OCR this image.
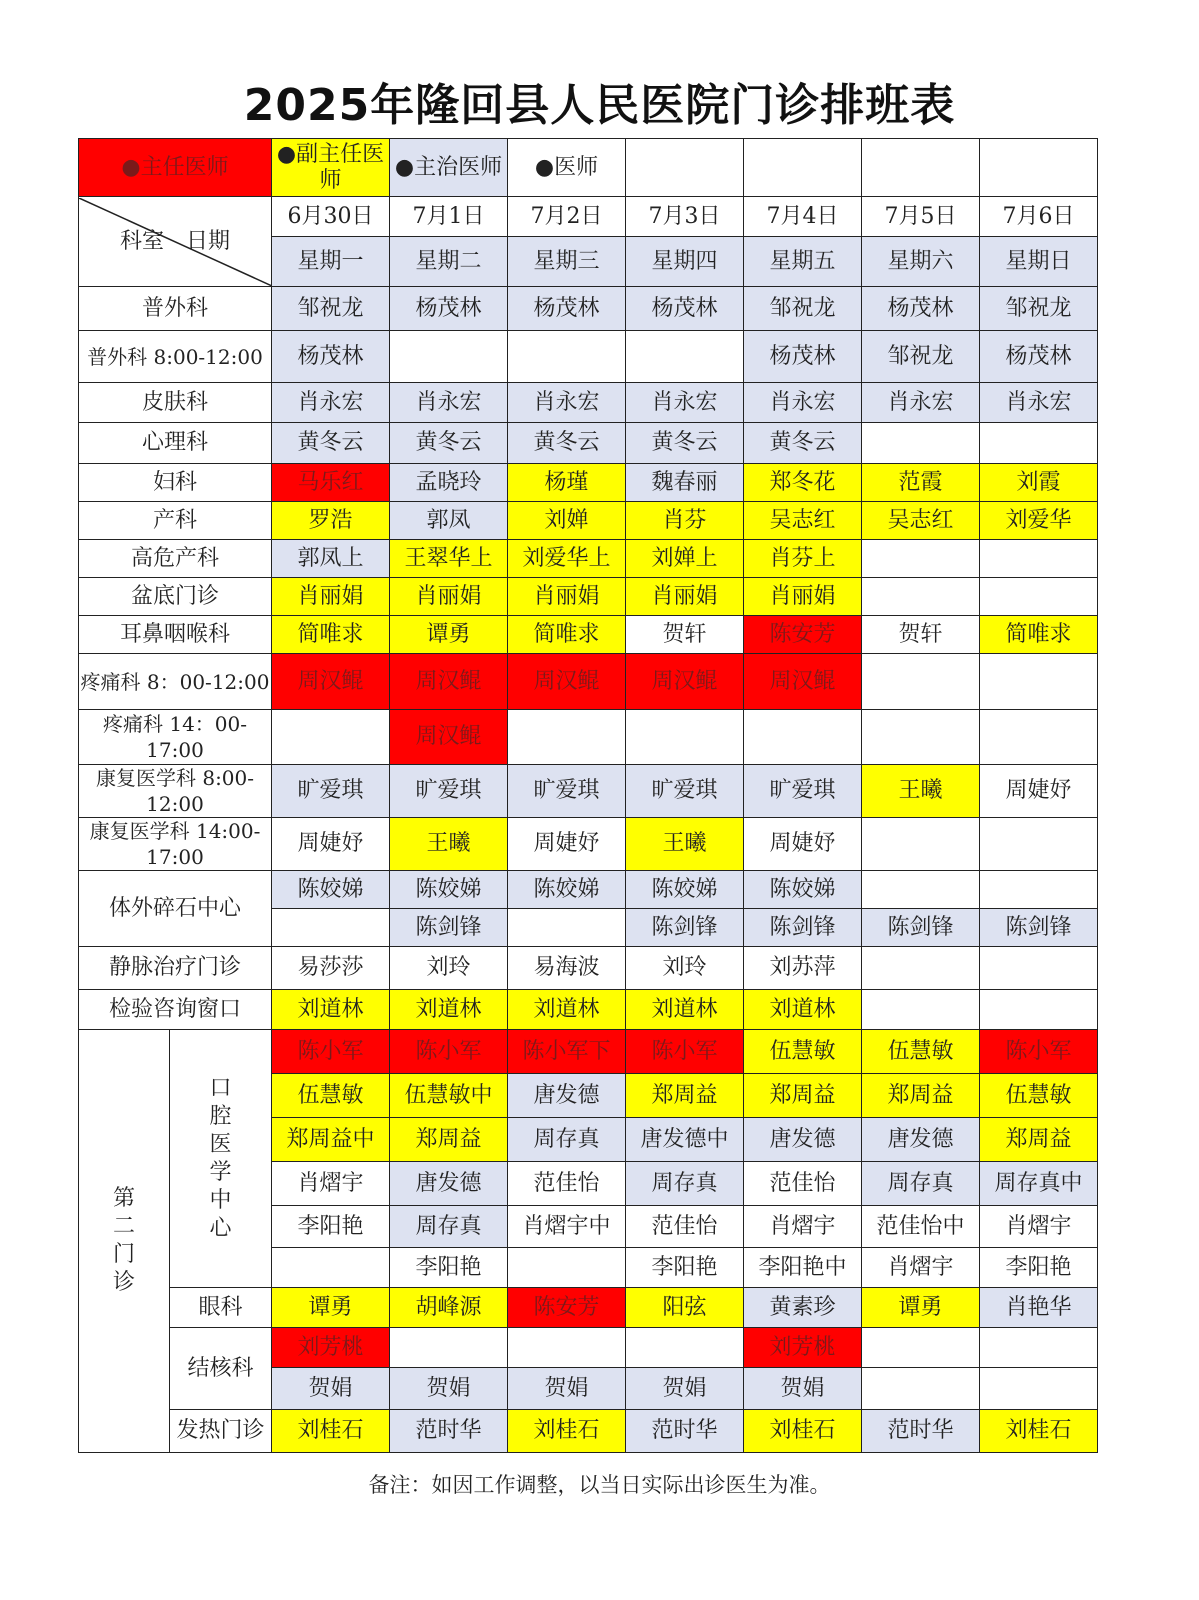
2025年隆回县人民医院门诊排班表
●主任医师		●副主任医师	●主治医师	●医师				

科室　 日期		6月30日	7月1日	7月2日	7月3日	7月4日	7月5日	7月6日
		星期一	星期二	星期三	星期四	星期五	星期六	星期日
普外科		邹祝龙	杨茂林	杨茂林	杨茂林	邹祝龙	杨茂林	邹祝龙
普外科 8:00-12:00		杨茂林				杨茂林	邹祝龙	杨茂林
皮肤科		肖永宏	肖永宏	肖永宏	肖永宏	肖永宏	肖永宏	肖永宏
心理科		黄冬云	黄冬云	黄冬云	黄冬云	黄冬云		
妇科		马乐红	孟晓玲	杨瑾	魏春丽	郑冬花	范霞	刘霞
产科		罗浩	郭凤	刘婵	肖芬	吴志红	吴志红	刘爱华
高危产科		郭凤上	王翠华上	刘爱华上	刘婵上	肖芬上		
盆底门诊		肖丽娟	肖丽娟	肖丽娟	肖丽娟	肖丽娟		
耳鼻咽喉科		简唯求	谭勇	简唯求	贺轩	陈安芳	贺轩	简唯求
疼痛科 8：00-12:00		周汉鲲	周汉鲲	周汉鲲	周汉鲲	周汉鲲		
疼痛科 14：00-17:00			周汉鲲					
康复医学科 8:00-12:00		旷爱琪	旷爱琪	旷爱琪	旷爱琪	旷爱琪	王曦	周婕妤
康复医学科 14:00-17:00		周婕妤	王曦	周婕妤	王曦	周婕妤		
体外碎石中心		陈姣娣	陈姣娣	陈姣娣	陈姣娣	陈姣娣		
			陈剑锋		陈剑锋	陈剑锋	陈剑锋	陈剑锋
静脉治疗门诊		易莎莎	刘玲	易海波	刘玲	刘苏萍		
检验咨询窗口		刘道林	刘道林	刘道林	刘道林	刘道林		
第二门诊	口腔医学中心	陈小军	陈小军	陈小军下	陈小军	伍慧敏	伍慧敏	陈小军
		伍慧敏	伍慧敏中	唐发德	郑周益	郑周益	郑周益	伍慧敏
		郑周益中	郑周益	周存真	唐发德中	唐发德	唐发德	郑周益
		肖熠宇	唐发德	范佳怡	周存真	范佳怡	周存真	周存真中
		李阳艳	周存真	肖熠宇中	范佳怡	肖熠宇	范佳怡中	肖熠宇
			李阳艳		李阳艳	李阳艳中	肖熠宇	李阳艳
	眼科	谭勇	胡峰源	陈安芳	阳弦	黄素珍	谭勇	肖艳华
	结核科	刘芳桃				刘芳桃		
		贺娟	贺娟	贺娟	贺娟	贺娟		
	发热门诊	刘桂石	范时华	刘桂石	范时华	刘桂石	范时华	刘桂石
备注：如因工作调整，以当日实际出诊医生为准。
